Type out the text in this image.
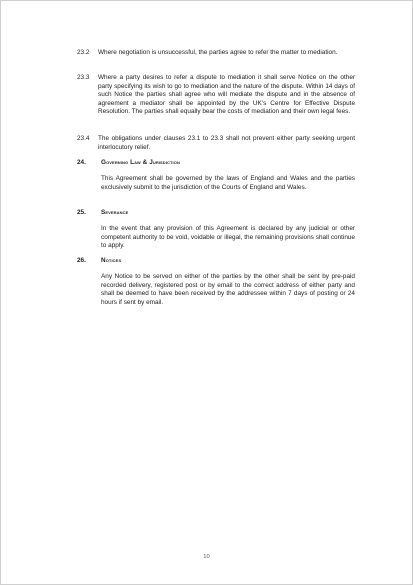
23.2 Where negotiation is unsuccessful, the parties agree to refer the matter to mediation.
23.3 Where a party desires to refer a dispute to mediation it shall serve Notice on the other party specifying its wish to go to mediation and the nature of the dispute. Within 14 days of such Notice the parties shall agree who will mediate the dispute and in the absence of agreement a mediator shall be appointed by the UK’s Centre for Effective Dispute Resolution. The parties shall equally bear the costs of mediation and their own legal fees.
23.4 The obligations under clauses 23.1 to 23.3 shall not prevent either party seeking urgent interlocutory relief.
24. Governing Law & Jurisdiction
This Agreement shall be governed by the laws of England and Wales and the parties exclusively submit to the jurisdiction of the Courts of England and Wales.
25. Severance
In the event that any provision of this Agreement is declared by any judicial or other competent authority to be void, voidable or illegal, the remaining provisions shall continue to apply.
26. Notices
Any Notice to be served on either of the parties by the other shall be sent by pre-paid recorded delivery, registered post or by email to the correct address of either party and shall be deemed to have been received by the addressee within 7 days of posting or 24 hours if sent by email.
10
